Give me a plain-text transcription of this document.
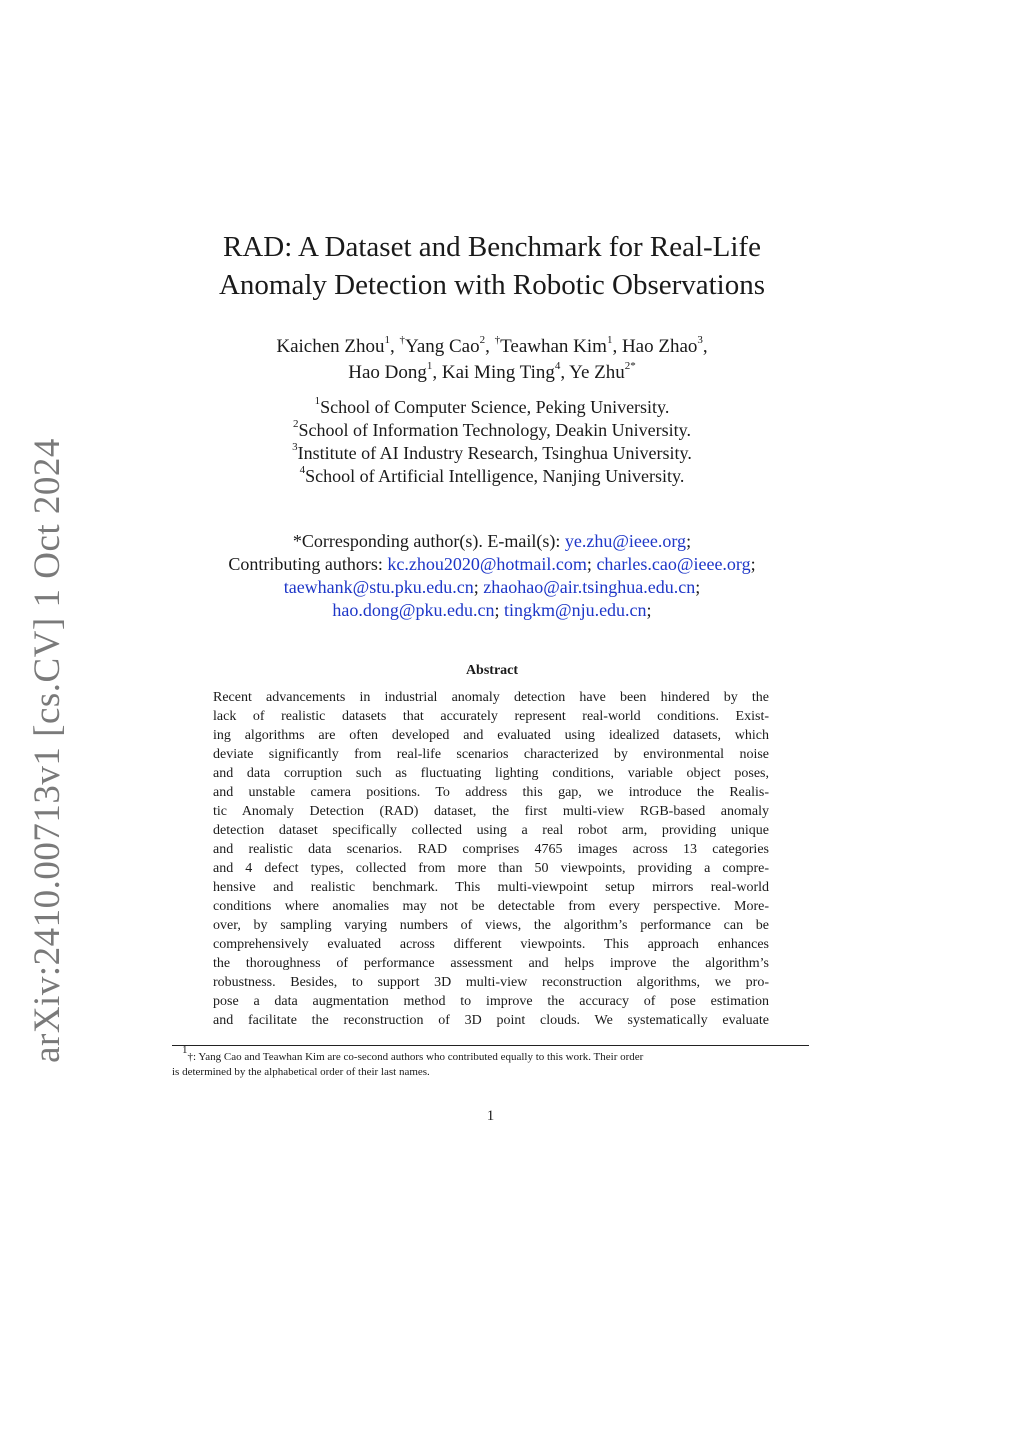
arXiv:2410.00713v1 [cs.CV] 1 Oct 2024
RAD: A Dataset and Benchmark for Real-Life
Anomaly Detection with Robotic Observations
Kaichen Zhou$^1$, †Yang Cao$^2$, †Teawhan Kim$^1$, Hao Zhao$^3$,
Hao Dong$^1$, Kai Ming Ting$^4$, Ye Zhu$^{2*}$
$^1$School of Computer Science, Peking University.
$^2$School of Information Technology, Deakin University.
$^3$Institute of AI Industry Research, Tsinghua University.
$^4$School of Artificial Intelligence, Nanjing University.
*Corresponding author(s). E-mail(s): ye.zhu@ieee.org;
Contributing authors: kc.zhou2020@hotmail.com; charles.cao@ieee.org;
taewhank@stu.pku.edu.cn; zhaohao@air.tsinghua.edu.cn;
hao.dong@pku.edu.cn; tingkm@nju.edu.cn;
Abstract
Recent advancements in industrial anomaly detection have been hindered by the
lack of realistic datasets that accurately represent real-world conditions. Exist-
ing algorithms are often developed and evaluated using idealized datasets, which
deviate significantly from real-life scenarios characterized by environmental noise
and data corruption such as fluctuating lighting conditions, variable object poses,
and unstable camera positions. To address this gap, we introduce the Realis-
tic Anomaly Detection (RAD) dataset, the first multi-view RGB-based anomaly
detection dataset specifically collected using a real robot arm, providing unique
and realistic data scenarios. RAD comprises 4765 images across 13 categories
and 4 defect types, collected from more than 50 viewpoints, providing a compre-
hensive and realistic benchmark. This multi-viewpoint setup mirrors real-world
conditions where anomalies may not be detectable from every perspective. More-
over, by sampling varying numbers of views, the algorithm’s performance can be
comprehensively evaluated across different viewpoints. This approach enhances
the thoroughness of performance assessment and helps improve the algorithm’s
robustness. Besides, to support 3D multi-view reconstruction algorithms, we pro-
pose a data augmentation method to improve the accuracy of pose estimation
and facilitate the reconstruction of 3D point clouds. We systematically evaluate
$^1$†: Yang Cao and Teawhan Kim are co-second authors who contributed equally to this work. Their order
is determined by the alphabetical order of their last names.
1
